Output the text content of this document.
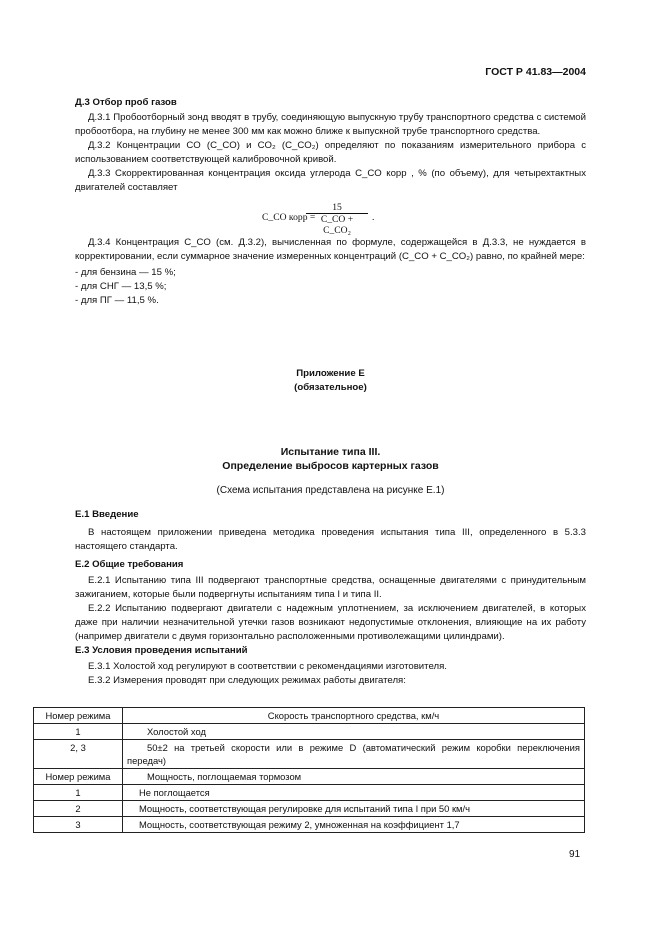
ГОСТ Р 41.83—2004
Д.3 Отбор проб газов
Д.3.1 Пробоотборный зонд вводят в трубу, соединяющую выпускную трубу транспортного средства с системой пробоотбора, на глубину не менее 300 мм как можно ближе к выпускной трубе транспортного средства.
Д.3.2 Концентрации CO (C_CO) и CO₂ (C_CO₂) определяют по показаниям измерительного прибора с использованием соответствующей калибровочной кривой.
Д.3.3 Скорректированная концентрация оксида углерода C_CO корр , % (по объему), для четырехтактных двигателей составляет
C_CO корр =
$\frac{15}{\text{C\_CO + C\_CO₂}}$ .
Д.3.4 Концентрация C_CO (см. Д.3.2), вычисленная по формуле, содержащейся в Д.3.3, не нуждается в корректировании, если суммарное значение измеренных концентраций (C_CO + C_CO₂) равно, по крайней мере:
- для бензина — 15 %;
- для СНГ — 13,5 %;
- для ПГ — 11,5 %.
Приложение Е
(обязательное)
Испытание типа III.
Определение выбросов картерных газов
(Схема испытания представлена на рисунке Е.1)
Е.1 Введение
В настоящем приложении приведена методика проведения испытания типа III, определенного в 5.3.3 настоящего стандарта.
Е.2 Общие требования
Е.2.1 Испытанию типа III подвергают транспортные средства, оснащенные двигателями с принудительным зажиганием, которые были подвергнуты испытаниям типа I и типа II.
Е.2.2 Испытанию подвергают двигатели с надежным уплотнением, за исключением двигателей, в которых даже при наличии незначительной утечки газов возникают недопустимые отклонения, влияющие на их работу (например двигатели с двумя горизонтально расположенными противолежащими цилиндрами).
Е.3 Условия проведения испытаний
Е.3.1 Холостой ход регулируют в соответствии с рекомендациями изготовителя.
Е.3.2 Измерения проводят при следующих режимах работы двигателя:
Номер режима	Скорость транспортного средства, км/ч
1	Холостой ход
2, 3	50±2 на третьей скорости или в режиме D (автоматический режим коробки переключения передач)
Номер режима	Мощность, поглощаемая тормозом
1	Не поглощается
2	Мощность, соответствующая регулировке для испытаний типа I при 50 км/ч
3	Мощность, соответствующая режиму 2, умноженная на коэффициент 1,7
91
